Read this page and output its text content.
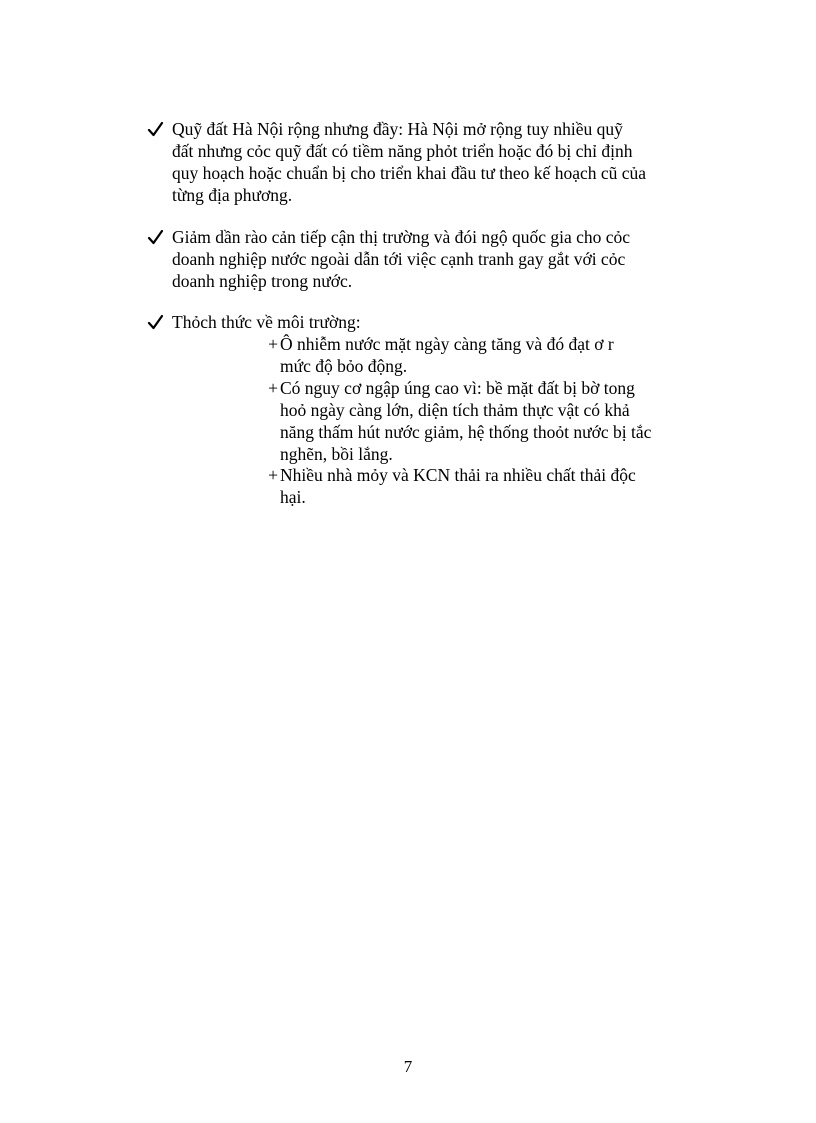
Quỹ đất Hà Nội rộng nhưng đầy: Hà Nội mở rộng tuy nhiều quỹ
đất nhưng cỏc quỹ đất có tiềm năng phỏt triển hoặc đó bị chỉ định
quy hoạch hoặc chuẩn bị cho triển khai đầu tư theo kế hoạch cũ của
từng địa phương.
Giảm dần rào cản tiếp cận thị trường và đói ngộ quốc gia cho cỏc
doanh nghiệp nước ngoài dẫn tới việc cạnh tranh gay gắt với cỏc
doanh nghiệp trong nước.
Thỏch thức về môi trường:
+ Ô nhiễm nước mặt ngày càng tăng và đó đạt ơ r
mức độ bỏo động.
+ Có nguy cơ ngập úng cao vì: bề mặt đất bị bờ tong
hoỏ ngày càng lớn, diện tích thảm thực vật có khả
năng thấm hút nước giảm, hệ thống thoỏt nước bị tắc
nghẽn, bồi lắng.
+ Nhiều nhà mỏy và KCN thải ra nhiều chất thải độc
hại.
7
